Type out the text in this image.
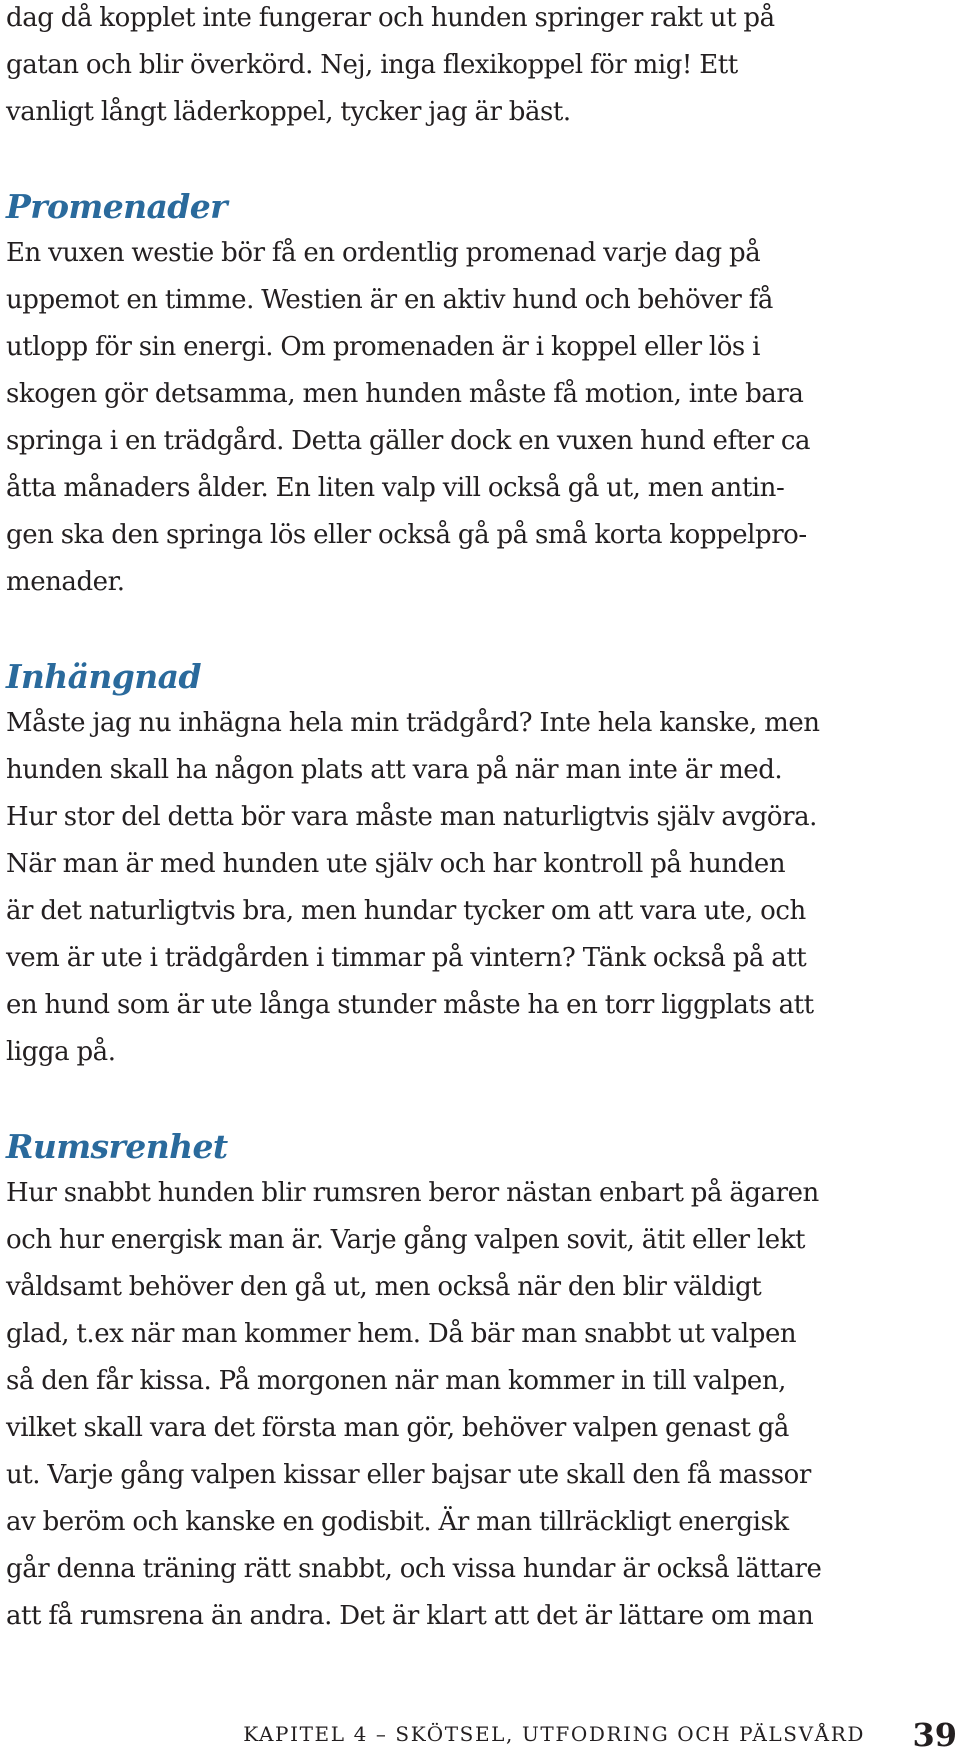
dag då kopplet inte fungerar och hunden springer rakt ut på
gatan och blir överkörd. Nej, inga flexikoppel för mig! Ett
vanligt långt läderkoppel, tycker jag är bäst.

Promenader

En vuxen westie bör få en ordentlig promenad varje dag på
uppemot en timme. Westien är en aktiv hund och behöver få
utlopp för sin energi. Om promenaden är i koppel eller lös i
skogen gör detsamma, men hunden måste få motion, inte bara
springa i en trädgård. Detta gäller dock en vuxen hund efter ca
åtta månaders ålder. En liten valp vill också gå ut, men antin-
gen ska den springa lös eller också gå på små korta koppelpro-
menader.

Inhängnad

Måste jag nu inhägna hela min trädgård? Inte hela kanske, men
hunden skall ha någon plats att vara på när man inte är med.
Hur stor del detta bör vara måste man naturligtvis själv avgöra.
När man är med hunden ute själv och har kontroll på hunden
är det naturligtvis bra, men hundar tycker om att vara ute, och
vem är ute i trädgården i timmar på vintern? Tänk också på att
en hund som är ute långa stunder måste ha en torr liggplats att
ligga på.

Rumsrenhet

Hur snabbt hunden blir rumsren beror nästan enbart på ägaren
och hur energisk man är. Varje gång valpen sovit, ätit eller lekt
våldsamt behöver den gå ut, men också när den blir väldigt
glad, t.ex när man kommer hem. Då bär man snabbt ut valpen
så den får kissa. På morgonen när man kommer in till valpen,
vilket skall vara det första man gör, behöver valpen genast gå
ut. Varje gång valpen kissar eller bajsar ute skall den få massor
av beröm och kanske en godisbit. Är man tillräckligt energisk
går denna träning rätt snabbt, och vissa hundar är också lättare
att få rumsrena än andra. Det är klart att det är lättare om man

KAPITEL 4 – SKÖTSEL, UTFODRING OCH PÄLSVÅRD 39
